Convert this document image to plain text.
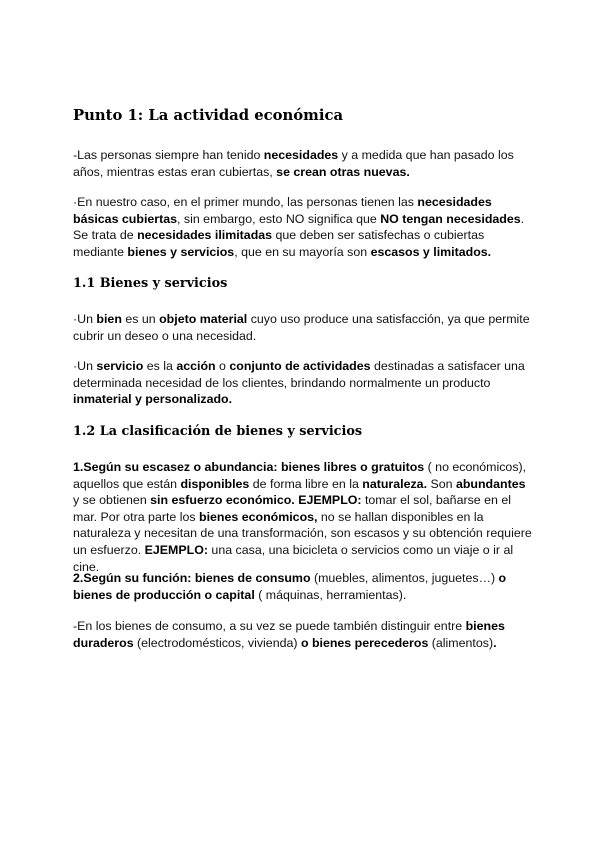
Punto 1: La actividad económica

-Las personas siempre han tenido necesidades y a medida que han pasado los años, mientras estas eran cubiertas, se crean otras nuevas.

·En nuestro caso, en el primer mundo, las personas tienen las necesidades básicas cubiertas, sin embargo, esto NO significa que NO tengan necesidades. Se trata de necesidades ilimitadas que deben ser satisfechas o cubiertas mediante bienes y servicios, que en su mayoría son escasos y limitados.

1.1 Bienes y servicios

·Un bien es un objeto material cuyo uso produce una satisfacción, ya que permite cubrir un deseo o una necesidad.

·Un servicio es la acción o conjunto de actividades destinadas a satisfacer una determinada necesidad de los clientes, brindando normalmente un producto inmaterial y personalizado.

1.2 La clasificación de bienes y servicios

1.Según su escasez o abundancia: bienes libres o gratuitos ( no económicos), aquellos que están disponibles de forma libre en la naturaleza. Son abundantes y se obtienen sin esfuerzo económico. EJEMPLO: tomar el sol, bañarse en el mar. Por otra parte los bienes económicos, no se hallan disponibles en la naturaleza y necesitan de una transformación, son escasos y su obtención requiere un esfuerzo. EJEMPLO: una casa, una bicicleta o servicios como un viaje o ir al cine.

2.Según su función: bienes de consumo (muebles, alimentos, juguetes…) o bienes de producción o capital ( máquinas, herramientas).

-En los bienes de consumo, a su vez se puede también distinguir entre bienes duraderos (electrodomésticos, vivienda) o bienes perecederos (alimentos).
